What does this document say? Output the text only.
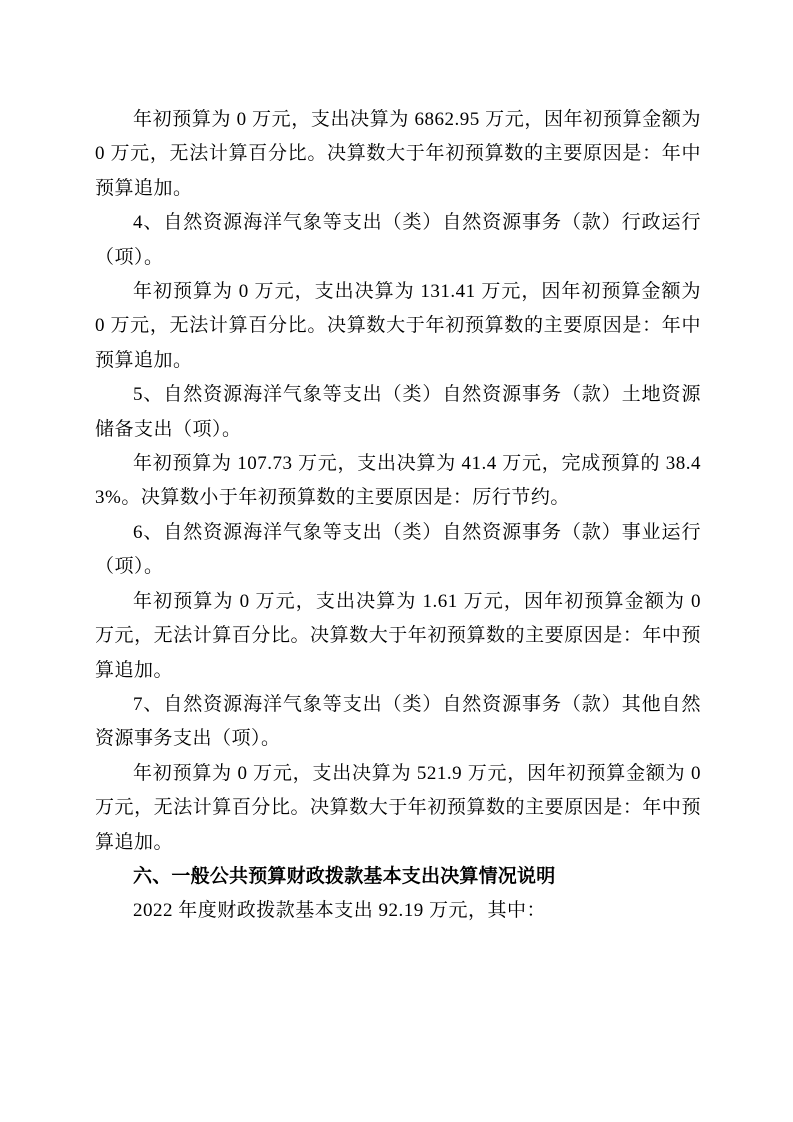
年初预算为 0 万元，支出决算为 6862.95 万元，因年初预算金额为 0 万元，无法计算百分比。决算数大于年初预算数的主要原因是：年中预算追加。

4、自然资源海洋气象等支出（类）自然资源事务（款）行政运行（项）。

年初预算为 0 万元，支出决算为 131.41 万元，因年初预算金额为 0 万元，无法计算百分比。决算数大于年初预算数的主要原因是：年中预算追加。

5、自然资源海洋气象等支出（类）自然资源事务（款）土地资源储备支出（项）。

年初预算为 107.73 万元，支出决算为 41.4 万元，完成预算的 38.43%。决算数小于年初预算数的主要原因是：厉行节约。

6、自然资源海洋气象等支出（类）自然资源事务（款）事业运行（项）。

年初预算为 0 万元，支出决算为 1.61 万元，因年初预算金额为 0 万元，无法计算百分比。决算数大于年初预算数的主要原因是：年中预算追加。

7、自然资源海洋气象等支出（类）自然资源事务（款）其他自然资源事务支出（项）。

年初预算为 0 万元，支出决算为 521.9 万元，因年初预算金额为 0 万元，无法计算百分比。决算数大于年初预算数的主要原因是：年中预算追加。

六、一般公共预算财政拨款基本支出决算情况说明

2022 年度财政拨款基本支出 92.19 万元，其中：
